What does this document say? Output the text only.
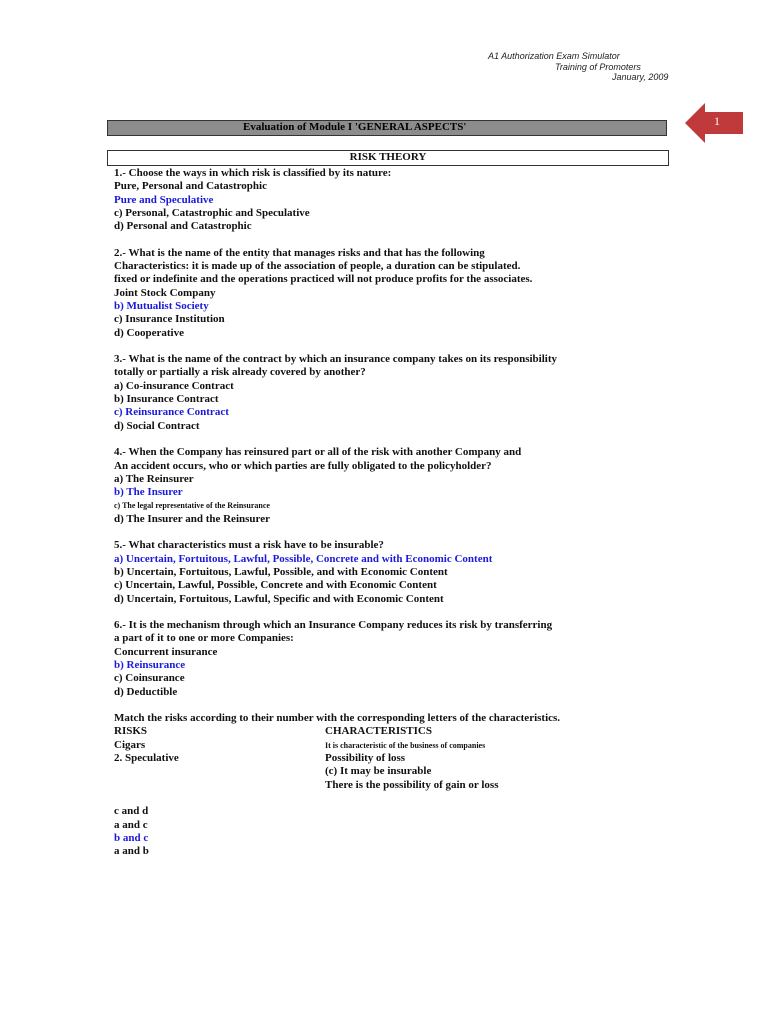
A1 Authorization Exam Simulator
Training of Promoters
January, 2009
1
Evaluation of Module I 'GENERAL ASPECTS'
RISK THEORY
1.- Choose the ways in which risk is classified by its nature:
Pure, Personal and Catastrophic
Pure and Speculative
c) Personal, Catastrophic and Speculative
d) Personal and Catastrophic
2.- What is the name of the entity that manages risks and that has the following
Characteristics: it is made up of the association of people, a duration can be stipulated.
fixed or indefinite and the operations practiced will not produce profits for the associates.
Joint Stock Company
b) Mutualist Society
c) Insurance Institution
d) Cooperative
3.- What is the name of the contract by which an insurance company takes on its responsibility
totally or partially a risk already covered by another?
a) Co-insurance Contract
b) Insurance Contract
c) Reinsurance Contract
d) Social Contract
4.- When the Company has reinsured part or all of the risk with another Company and
An accident occurs, who or which parties are fully obligated to the policyholder?
a) The Reinsurer
b) The Insurer
c) The legal representative of the Reinsurance
d) The Insurer and the Reinsurer
5.- What characteristics must a risk have to be insurable?
a) Uncertain, Fortuitous, Lawful, Possible, Concrete and with Economic Content
b) Uncertain, Fortuitous, Lawful, Possible, and with Economic Content
c) Uncertain, Lawful, Possible, Concrete and with Economic Content
d) Uncertain, Fortuitous, Lawful, Specific and with Economic Content
6.- It is the mechanism through which an Insurance Company reduces its risk by transferring
a part of it to one or more Companies:
Concurrent insurance
b) Reinsurance
c) Coinsurance
d) Deductible
Match the risks according to their number with the corresponding letters of the characteristics.
RISKS	CHARACTERISTICS
Cigars	It is characteristic of the business of companies
2. Speculative	Possibility of loss
(c) It may be insurable
There is the possibility of gain or loss
c and d
a and c
b and c
a and b
